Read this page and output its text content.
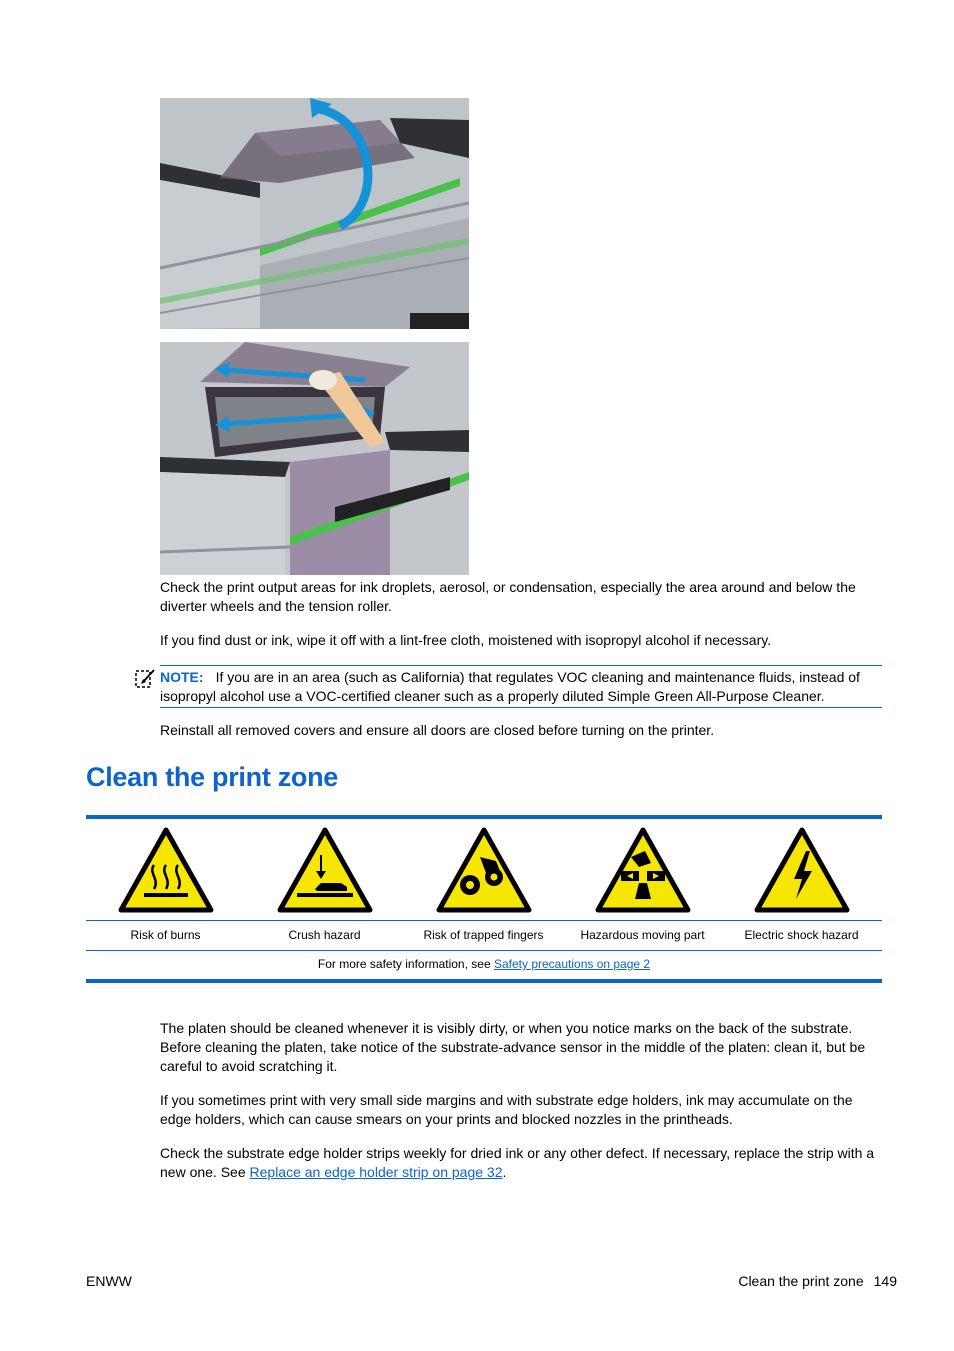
Check the print output areas for ink droplets, aerosol, or condensation, especially the area around and below the diverter wheels and the tension roller.

If you find dust or ink, wipe it off with a lint-free cloth, moistened with isopropyl alcohol if necessary.

NOTE: If you are in an area (such as California) that regulates VOC cleaning and maintenance fluids, instead of isopropyl alcohol use a VOC-certified cleaner such as a properly diluted Simple Green All-Purpose Cleaner.

Reinstall all removed covers and ensure all doors are closed before turning on the printer.

Clean the print zone
Risk of burns	Crush hazard	Risk of trapped fingers	Hazardous moving part	Electric shock hazard
For more safety information, see Safety precautions on page 2

The platen should be cleaned whenever it is visibly dirty, or when you notice marks on the back of the substrate. Before cleaning the platen, take notice of the substrate-advance sensor in the middle of the platen: clean it, but be careful to avoid scratching it.

If you sometimes print with very small side margins and with substrate edge holders, ink may accumulate on the edge holders, which can cause smears on your prints and blocked nozzles in the printheads.

Check the substrate edge holder strips weekly for dried ink or any other defect. If necessary, replace the strip with a new one. See Replace an edge holder strip on page 32.

ENWW	Clean the print zone 149
